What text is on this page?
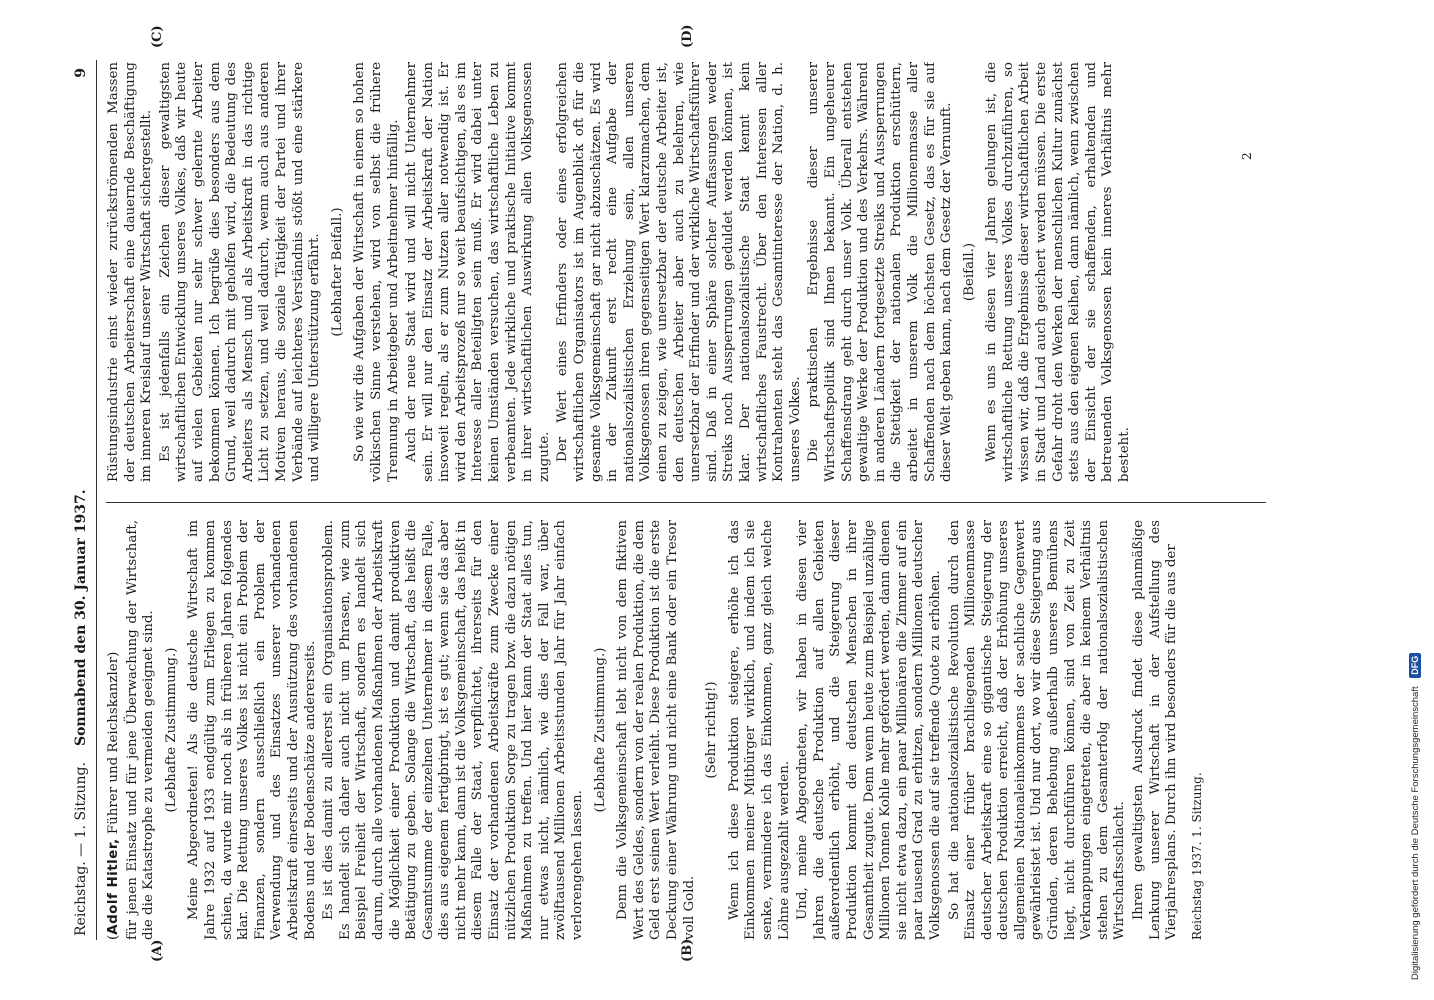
Reichstag. — 1. Sitzung.
Sonnabend den 30. Januar 1937.
9

(Adolf Hitler, Führer und Reichskanzler) für jenen Einsatz und für jene Überwachung der Wirtschaft, die die Katastrophe zu vermeiden geeignet sind. (Lebhafte Zustimmung.) Meine Abgeordneten! Als die deutsche Wirtschaft im Jahre 1932 auf 1933 endgültig zum Erliegen zu kommen schien, da wurde mir noch als in früheren Jahren folgendes klar. Die Rettung unseres Volkes ist nicht ein Problem der Finanzen, sondern ausschließlich ein Problem der Verwendung und des Einsatzes unserer vorhandenen Arbeitskraft einerseits und der Ausnützung des vorhandenen Bodens und der Bodenschätze andererseits. Es ist dies damit zu allererst ein Organisationsproblem. Es handelt sich daher auch nicht um Phrasen, wie zum Beispiel Freiheit der Wirtschaft, sondern es handelt sich darum, durch alle vorhandenen Maßnahmen der Arbeitskraft die Möglichkeit einer Produktion und damit produktiven Betätigung zu geben. Solange die Wirtschaft, das heißt die Gesamtsumme der einzelnen Unternehmer in diesem Falle, dies aus eigenem fertigbringt, ist es gut; wenn sie das aber nicht mehr kann, dann ist die Volksgemeinschaft, das heißt in diesem Falle der Staat, verpflichtet, ihrerseits für den Einsatz der vorhandenen Arbeitskräfte zum Zwecke einer nützlichen Produktion Sorge zu tragen bzw. die dazu nötigen Maßnahmen zu treffen. Und hier kann der Staat alles tun, nur etwas nicht, nämlich, wie dies der Fall war, über zwölftausend Millionen Arbeitsstunden Jahr für Jahr einfach verlorengehen lassen.

(Lebhafte Zustimmung.) Denn die Volksgemeinschaft lebt nicht von dem fiktiven Wert des Geldes, sondern von der realen Produktion, die dem Geld erst seinen Wert verleiht. Diese Produktion ist die erste Deckung einer Währung und nicht eine Bank oder ein Tresor voll Gold.

(Sehr richtig!) Wenn ich diese Produktion steigere, erhöhe ich das Einkommen meiner Mitbürger wirklich, und indem ich sie senke, vermindere ich das Einkommen, ganz gleich welche Löhne ausgezahlt werden. Und, meine Abgeordneten, wir haben in diesen vier Jahren die deutsche Produktion auf allen Gebieten außerordentlich erhöht, und die Steigerung dieser Produktion kommt den deutschen Menschen in ihrer Gesamtheit zugute. Denn wenn heute zum Beispiel unzählige Millionen Tonnen Kohle mehr gefördert werden, dann dienen sie nicht etwa dazu, ein paar Millionären die Zimmer auf ein paar tausend Grad zu erhitzen, sondern Millionen deutscher Volksgenossen die auf sie treffende Quote zu erhöhen. So hat die nationalsozialistische Revolution durch den Einsatz einer früher brachliegenden Millionenmasse deutscher Arbeitskraft eine so gigantische Steigerung der deutschen Produktion erreicht, daß der Erhöhung unseres allgemeinen Nationaleinkommens der sachliche Gegenwert gewährleistet ist. Und nur dort, wo wir diese Steigerung aus Gründen, deren Behebung außerhalb unseres Bemühens liegt, nicht durchführen können, sind von Zeit zu Zeit Verknappungen eingetreten, die aber in keinem Verhältnis stehen zu dem Gesamterfolg der nationalsozialistischen Wirtschaftsschlacht. Ihren gewaltigsten Ausdruck findet diese planmäßige Lenkung unserer Wirtschaft in der Aufstellung des Vierjahresplans. Durch ihn wird besonders für die aus der Reichstag 1937. 1. Sitzung.

Rüstungsindustrie einst wieder zurückströmenden Massen der deutschen Arbeiterschaft eine dauernde Beschäftigung im inneren Kreislauf unserer Wirtschaft sichergestellt. Es ist jedenfalls ein Zeichen dieser gewaltigsten wirtschaftlichen Entwicklung unseres Volkes, daß wir heute auf vielen Gebieten nur sehr schwer gelernte Arbeiter bekommen können. Ich begrüße dies besonders aus dem Grund, weil dadurch mit geholfen wird, die Bedeutung des Arbeiters als Mensch und als Arbeitskraft in das richtige Licht zu setzen, und weil dadurch, wenn auch aus anderen Motiven heraus, die soziale Tätigkeit der Partei und ihrer Verbände auf leichteres Verständnis stößt und eine stärkere und willigere Unterstützung erfährt. (Lebhafter Beifall.) So wie wir die Aufgaben der Wirtschaft in einem so hohen völkischen Sinne verstehen, wird von selbst die frühere Trennung in Arbeitgeber und Arbeitnehmer hinfällig. Auch der neue Staat wird und will nicht Unternehmer sein. Er will nur den Einsatz der Arbeitskraft der Nation insoweit regeln, als er zum Nutzen aller notwendig ist. Er wird den Arbeitsprozeß nur so weit beaufsichtigen, als es im Interesse aller Beteiligten sein muß. Er wird dabei unter keinen Umständen versuchen, das wirtschaftliche Leben zu verbeamten. Jede wirkliche und praktische Initiative kommt in ihrer wirtschaftlichen Auswirkung allen Volksgenossen zugute. Der Wert eines Erfinders oder eines erfolgreichen wirtschaftlichen Organisators ist im Augenblick oft für die gesamte Volksgemeinschaft gar nicht abzuschätzen. Es wird in der Zukunft erst recht eine Aufgabe der nationalsozialistischen Erziehung sein, allen unseren Volksgenossen ihren gegenseitigen Wert klarzumachen, dem einen zu zeigen, wie unersetzbar der deutsche Arbeiter ist, den deutschen Arbeiter aber auch zu belehren, wie unersetzbar der Erfinder und der wirkliche Wirtschaftsführer sind. Daß in einer Sphäre solcher Auffassungen weder Streiks noch Aussperrungen geduldet werden können, ist klar. Der nationalsozialistische Staat kennt kein wirtschaftliches Faustrecht. Über den Interessen aller Kontrahenten steht das Gesamtinteresse der Nation, d. h. unseres Volkes. Die praktischen Ergebnisse dieser unserer Wirtschaftspolitik sind Ihnen bekannt. Ein ungeheurer Schaffensdrang geht durch unser Volk. Überall entstehen gewaltige Werke der Produktion und des Verkehrs. Während in anderen Ländern fortgesetzte Streiks und Aussperrungen die Stetigkeit der nationalen Produktion erschüttern, arbeitet in unserem Volk die Millionenmasse aller Schaffenden nach dem höchsten Gesetz, das es für sie auf dieser Welt geben kann, nach dem Gesetz der Vernunft. (Beifall.) Wenn es uns in diesen vier Jahren gelungen ist, die wirtschaftliche Rettung unseres Volkes durchzuführen, so wissen wir, daß die Ergebnisse dieser wirtschaftlichen Arbeit in Stadt und Land auch gesichert werden müssen. Die erste Gefahr droht den Werken der menschlichen Kultur zunächst stets aus den eigenen Reihen, dann nämlich, wenn zwischen der Einsicht der sie schaffenden, erhaltenden und betreuenden Volksgenossen kein inneres Verhältnis mehr besteht.

(A)	(B)
(C)	(D)
2
Digitalisierung gefördert durch die Deutsche Forschungsgemeinschaft DFG
